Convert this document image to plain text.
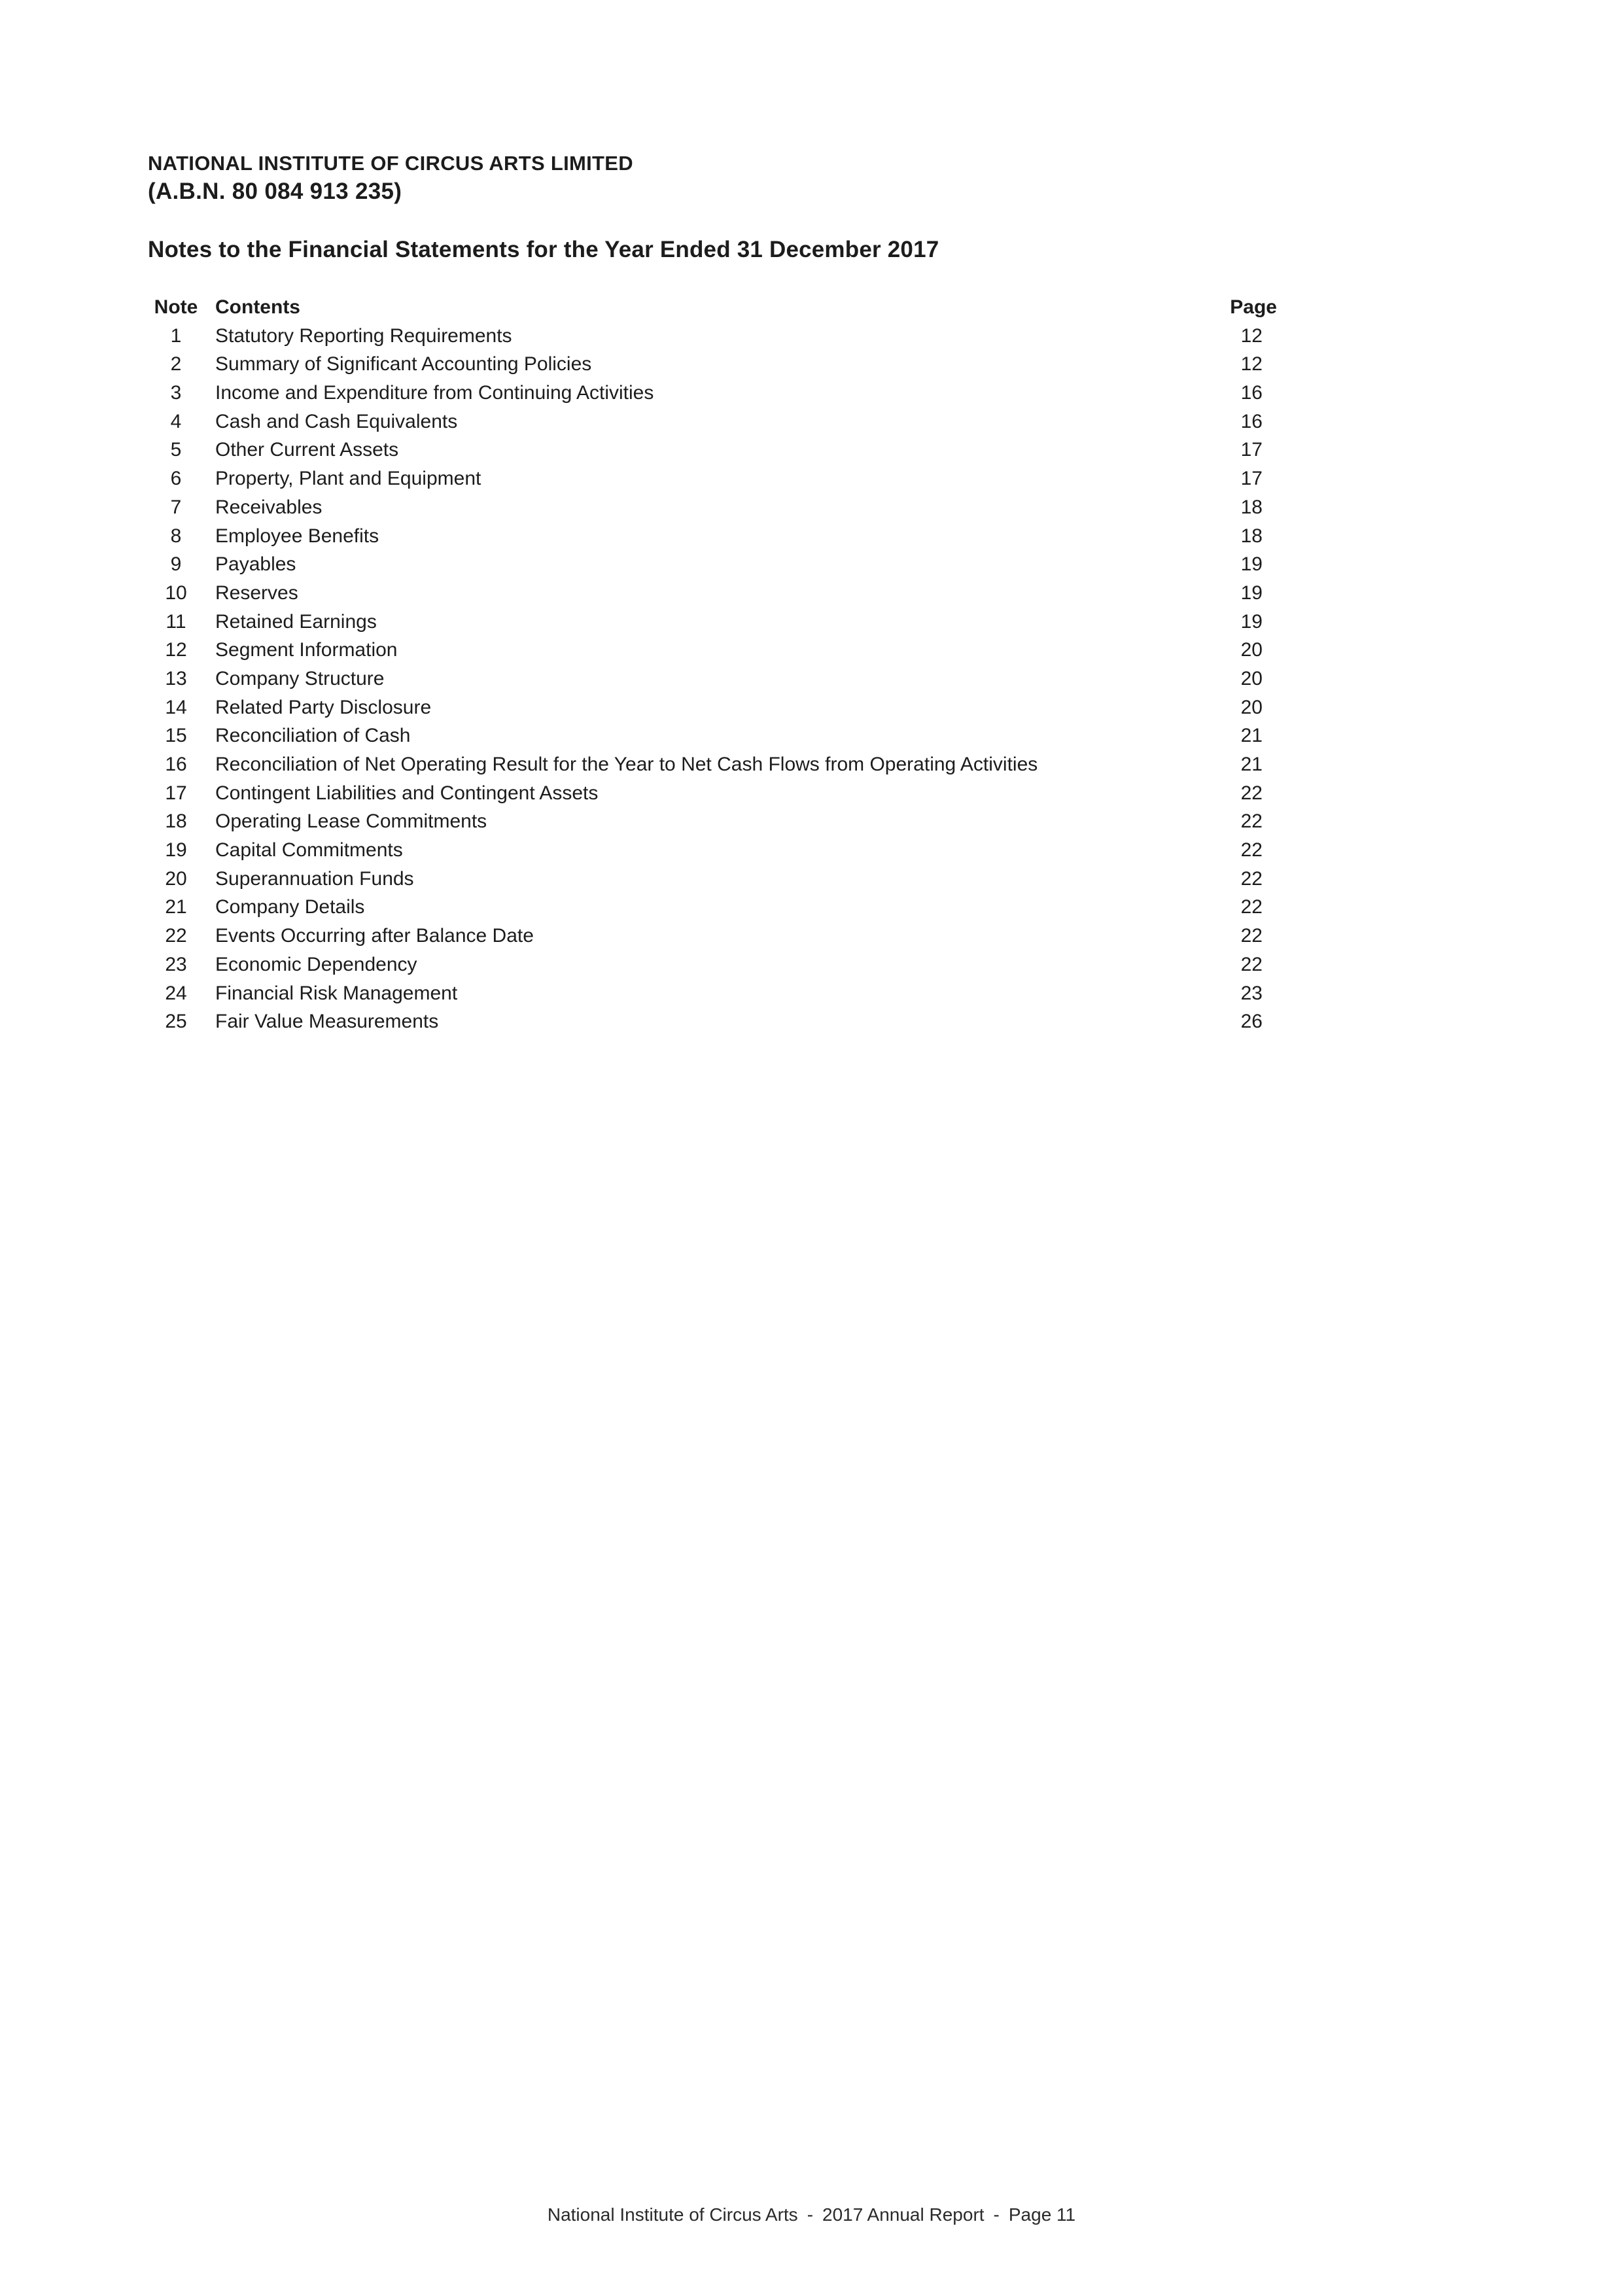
NATIONAL INSTITUTE OF CIRCUS ARTS LIMITED
(A.B.N. 80 084 913 235)
Notes to the Financial Statements for the Year Ended 31 December 2017
Note Contents	Page
1	Statutory Reporting Requirements	12
2	Summary of Significant Accounting Policies	12
3	Income and Expenditure from Continuing Activities	16
4	Cash and Cash Equivalents	16
5	Other Current Assets	17
6	Property, Plant and Equipment	17
7	Receivables	18
8	Employee Benefits	18
9	Payables	19
10	Reserves	19
11	Retained Earnings	19
12	Segment Information	20
13	Company Structure	20
14	Related Party Disclosure	20
15	Reconciliation of Cash	21
16	Reconciliation of Net Operating Result for the Year to Net Cash Flows from Operating Activities	21
17	Contingent Liabilities and Contingent Assets	22
18	Operating Lease Commitments	22
19	Capital Commitments	22
20	Superannuation Funds	22
21	Company Details	22
22	Events Occurring after Balance Date	22
23	Economic Dependency	22
24	Financial Risk Management	23
25	Fair Value Measurements	26
National Institute of Circus Arts - 2017 Annual Report - Page 11
